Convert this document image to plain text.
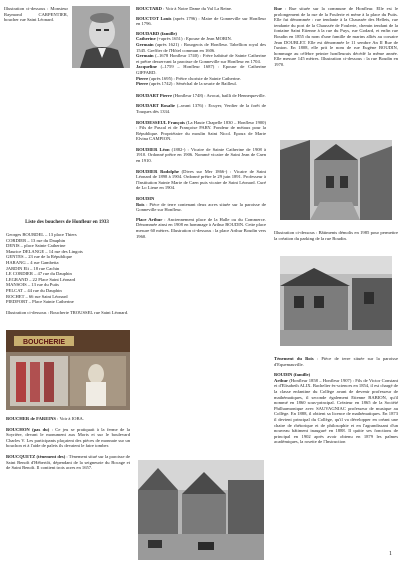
Illustration ci-dessous : Monsieur Raymond CARPENTIER, boucher rue Saint Léonard.

Liste des bouchers de Honfleur en 1933

Georges BOURDEL – 13 place Thiers
CORDIER – 13 rue du Dauphin
DENIS – place Sainte Catherine
Maurice DELANGE – 14 rue des Lingots
GENTES – 23 rue de la République
HARANG – 4 rue Gambetta
JARDIN Eli – 18 rue Cachin
LE CORDIER – 47 rue du Dauphin
LEGRAND – 22 Place Saint Léonard
MANSOIS – 13 rue du Puits
PELCAT – 44 rue du Dauphin
ROCHET – 66 rue Saint Léonard
PIEDFORT – Place Sainte Catherine

Illustration ci-dessous : Boucherie TROUSSEL rue Saint Léonard.

BOUCHERIE

BOUCHER de FAREINS : Voir à IOBA.

BOUCHON (pas du) : Ce jeu se pratiquait à la ferme de la Soyrière, devant le monument aux Morts et sur le boulevard Charles V. Les participants plaçaient des pièces de monnaie sur un bouchon et à l'aide de palets ils devaient le faire tomber.

BOUCQUETZ (tènement des) : Tènement situé sur la paroisse de Saint Benoît d'Hébertôt, dépendant de la seigneurie du Bocage et de Saint Benoît. Il contient trois acres en 1657.

BOUCTARD : Voir à Notre Dame du Val La Reine.

BOUCTOT Louis (après 1796) : Maire de Gonneville sur Honfleur en 1796.

BOUDARD (famille)

Catherine (+après 1651) : Epouse de Jean MORIN.

Germain (après 1621) : Bourgeois de Honfleur. Tabellion royal des 1545. Greffier de l'Hôtel commun en 1606.

Germain (–1678 Honfleur 1740) : Frère habitué de Sainte Catherine et prêtre desservant la paroisse de Gonneville sur Honfleur en 1704.

Jacqueline (–1759 – Honfleur 1687) : Epouse de Catherine GIFFARD.

Pierre (après 1695) : Prêtre choriste de Sainte Catherine.

Pierre (après 1742) : Sénéchal de la seurie de Bailleul.

BOUDART Pierre (Honfleur 1748) : Avocat, bailli de Hennequeville.

BOUDART Rosalie (–avant 1376) : Ecuyer, Verdier de la forêt de Touques dès 1334.

BOUDESSEUL François (La Haute Chapelle 1830 – Honfleur 1900) : Fils de Pascal et de Françoise PARY. Fondeur de métaux pour la République. Propriétaire du moulin Saint Nicol. Epoux de Marie Elvina CAMPION.

BOUDIER Léon (1882-) : Vicaire de Sainte Catherine de 1908 à 1910. Ordonné prêtre en 1906. Nommé vicaire de Saint Jean de Caen en 1910.

BOUDIER Rodolphe (Dives sur Mer 1866-) : Vicaire de Saint Léonard de 1898 à 1904. Ordonné prêtre le 29 juin 1891. Professeur à l'Institution Sainte Marie de Caen puis vicaire de Saint Léonard. Curé de Lo Lieue en 1904.

BOUDIN

Bois : Pièce de terre contenant deux acres située sur la paroisse de Gonneville sur Honfleur.

Place Arthur : Anciennement place de la Halle ou du Commerce. Dénommée ainsi en 1908 en hommage à Arthur BOUDIN. Cette place mesure 60 mètres. Illustration ci-dessous : la place Arthur Boudin vers 1960.

Rue : Rue située sur la commune de Honfleur. Elle est le prolongement de la rue de la Foulerie et mène à la place du Puits. Elle fut dénommée : rue tendante à la Chaussée des Hellets, rue tendante du port de la Chaussée de Foulerie, chemin tendant de la fontaine Saint Etienne à la rue du Puys, rue Godard, et enfin rue Boudin en 1855 du nom d'une famille de marins alliés au corsaire Jean DOUBLET. Elle est dénommée le 11 sembre An II Rue de l'union. En 1808, elle prit le nom de rue Eugène BOUDIN, hommage au célèbre peintre honfleurais décédé la même année. Elle mesure 145 mètres. Illustration ci-dessous : la rue Boudin en 1970.

Illustration ci-dessous : Bâtiments démolis en 1985 pour permettre la création du parking de la rue Boudin.

Tènement du Bois : Pièce de terre située sur la paroisse d'Equemauville.

BOUDIN (famille)

Arthur (Honfleur 1858 – Honfleur 1907) : Fils de Victor Constant et d'Elisabeth ALIX. Bachelier ès-sciences en 1854, il est chargé de la classe enfantine du Collège avant de devenir professeur de mathématiques, il seconde également Etienne BABION, qu'il nommé en 1860 sous-principal. Créateur en 1865 de la Société Philharmonique avec SAUVAGNIAC professeur de musique au Collège. En 1888, il obtient sa licence de mathématiques. En 1873 il devient principal du Collège, qu'il va développer en créant une chaire de rhétorique et de philosophie et en l'agrandissant d'un nouveau bâtiment inauguré en 1888. Il quitte ses fonctions de principal en 1902 après avoir obtenu en 1879 les palmes académiques, la rosette de l'Instruction

1
